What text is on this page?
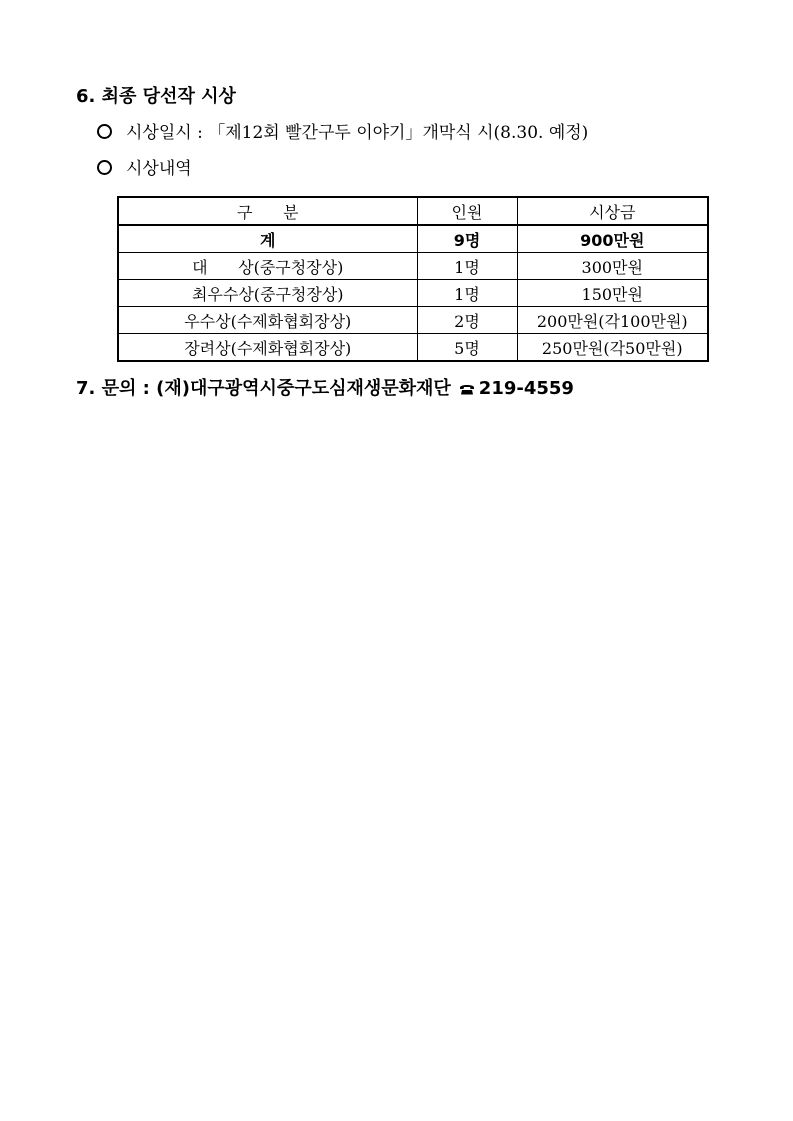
6. 최종 당선작 시상
시상일시 : 「제12회 빨간구두 이야기」개막식 시(8.30. 예정)
시상내역
구      분	인원	시상금
계	9명	900만원
대      상(중구청장상)	1명	300만원
최우수상(중구청장상)	1명	150만원
우수상(수제화협회장상)	2명	200만원(각100만원)
장려상(수제화협회장상)	5명	250만원(각50만원)
7. 문의 : (재)대구광역시중구도심재생문화재단 219-4559
